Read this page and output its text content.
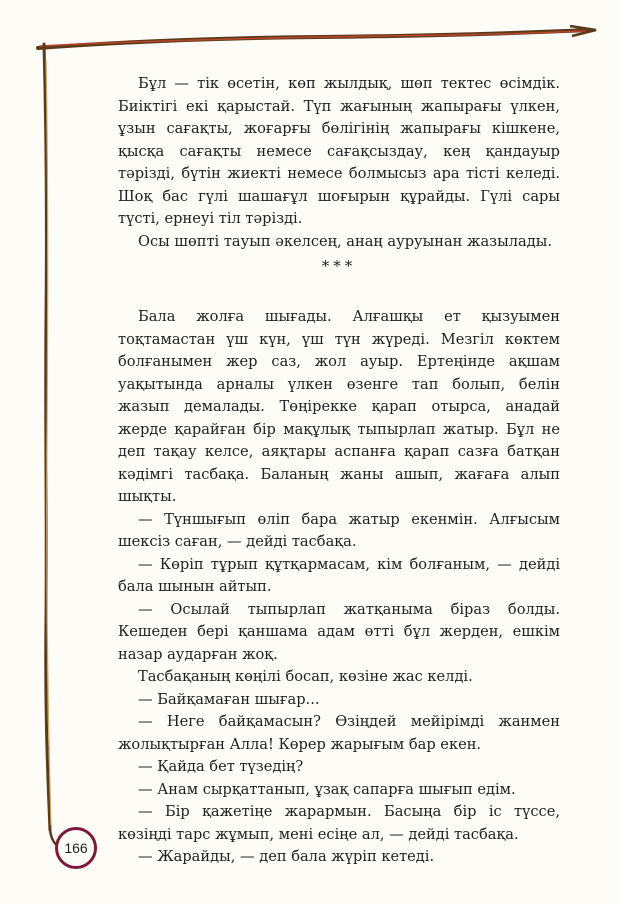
Бұл — тік өсетін, көп жылдық, шөп тектес өсімдік. Биіктігі екі қарыстай. Түп жағының жапырағы үлкен, ұзын сағақты, жоғарғы бөлігінің жапырағы кішкене, қысқа сағақты немесе сағақсыздау, кең қандауыр тәрізді, бүтін жиекті немесе болмысыз ара тісті келеді. Шоқ бас гүлі шашағұл шоғырын құрайды. Гүлі сары түсті, ернеуі тіл тәрізді.

Осы шөпті тауып әкелсең, анаң ауруынан жазылады.

***

Бала жолға шығады. Алғашқы ет қызуымен тоқтамастан үш күн, үш түн жүреді. Мезгіл көктем болғанымен жер саз, жол ауыр. Ертеңінде ақшам уақытында арналы үлкен өзенге тап болып, белін жазып демалады. Төңірекке қарап отырса, анадай жерде қарайған бір мақұлық тыпырлап жатыр. Бұл не деп тақау келсе, аяқтары аспанға қарап сазға батқан кәдімгі тасбақа. Баланың жаны ашып, жағаға алып шықты.

— Түншығып өліп бара жатыр екенмін. Алғысым шексіз саған, — дейді тасбақа.

— Көріп тұрып құтқармасам, кім болғаным, — дейді бала шынын айтып.

— Осылай тыпырлап жатқаныма біраз болды. Кешеден бері қаншама адам өтті бұл жерден, ешкім назар аударған жоқ.

Тасбақаның көңілі босап, көзіне жас келді.

— Байқамаған шығар...

— Неге байқамасын? Өзіңдей мейірімді жанмен жолықтырған Алла! Көрер жарығым бар екен.

— Қайда бет түзедің?

— Анам сырқаттанып, ұзақ сапарға шығып едім.

— Бір қажетіңе жарармын. Басыңа бір іс түссе, көзіңді тарс жұмып, мені есіңе ал, — дейді тасбақа.

— Жарайды, — деп бала жүріп кетеді.

166
